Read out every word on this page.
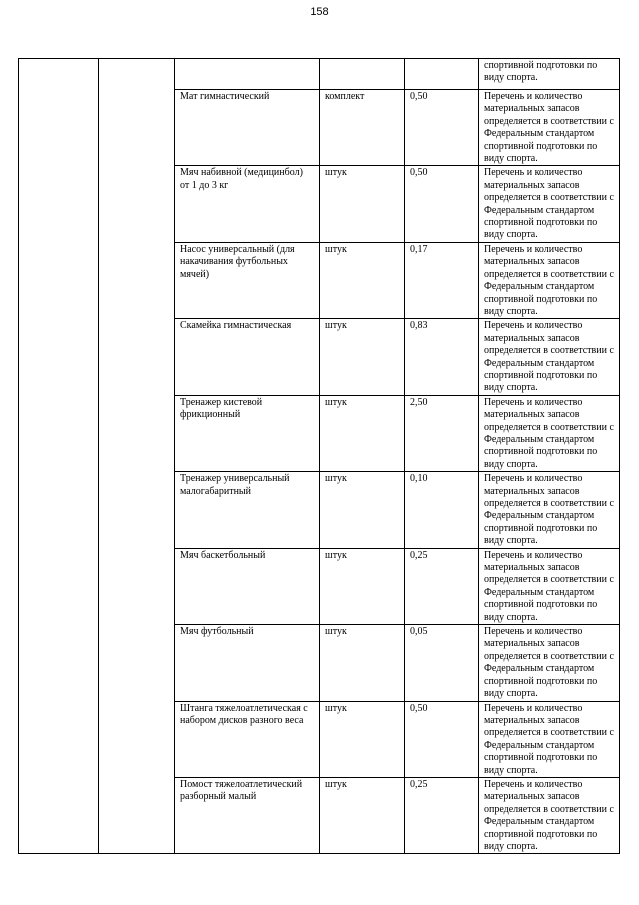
158
					спортивной подготовки по виду спорта.
		Мат гимнастический	комплект	0,50	Перечень и количество материальных запасов определяется в соответствии с Федеральным стандартом спортивной подготовки по виду спорта.
		Мяч набивной (медицинбол) от 1 до 3 кг	штук	0,50	Перечень и количество материальных запасов определяется в соответствии с Федеральным стандартом спортивной подготовки по виду спорта.
		Насос универсальный (для накачивания футбольных мячей)	штук	0,17	Перечень и количество материальных запасов определяется в соответствии с Федеральным стандартом спортивной подготовки по виду спорта.
		Скамейка гимнастическая	штук	0,83	Перечень и количество материальных запасов определяется в соответствии с Федеральным стандартом спортивной подготовки по виду спорта.
		Тренажер кистевой фрикционный	штук	2,50	Перечень и количество материальных запасов определяется в соответствии с Федеральным стандартом спортивной подготовки по виду спорта.
		Тренажер универсальный малогабаритный	штук	0,10	Перечень и количество материальных запасов определяется в соответствии с Федеральным стандартом спортивной подготовки по виду спорта.
		Мяч баскетбольный	штук	0,25	Перечень и количество материальных запасов определяется в соответствии с Федеральным стандартом спортивной подготовки по виду спорта.
		Мяч футбольный	штук	0,05	Перечень и количество материальных запасов определяется в соответствии с Федеральным стандартом спортивной подготовки по виду спорта.
		Штанга тяжелоатлетическая с набором дисков разного веса	штук	0,50	Перечень и количество материальных запасов определяется в соответствии с Федеральным стандартом спортивной подготовки по виду спорта.
		Помост тяжелоатлетический разборный малый	штук	0,25	Перечень и количество материальных запасов определяется в соответствии с Федеральным стандартом спортивной подготовки по виду спорта.
